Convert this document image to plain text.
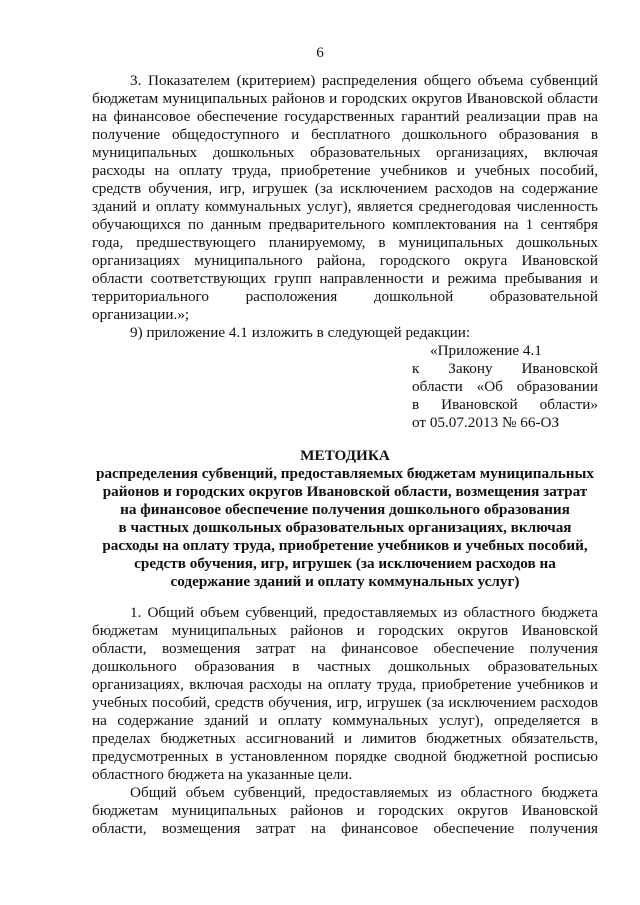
6
3. Показателем (критерием) распределения общего объема субвенций
бюджетам муниципальных районов и городских округов Ивановской области
на финансовое обеспечение государственных гарантий реализации прав на
получение общедоступного и бесплатного дошкольного образования в
муниципальных дошкольных образовательных организациях, включая
расходы на оплату труда, приобретение учебников и учебных пособий,
средств обучения, игр, игрушек (за исключением расходов на содержание
зданий и оплату коммунальных услуг), является среднегодовая численность
обучающихся по данным предварительного комплектования на 1 сентября
года, предшествующего планируемому, в муниципальных дошкольных
организациях муниципального района, городского округа Ивановской
области соответствующих групп направленности и режима пребывания и
территориального расположения дошкольной образовательной
организации.»;
9) приложение 4.1 изложить в следующей редакции:
«Приложение 4.1
к Закону Ивановской
области «Об образовании
в Ивановской области»
от 05.07.2013 № 66-ОЗ
МЕТОДИКА
распределения субвенций, предоставляемых бюджетам муниципальных
районов и городских округов Ивановской области, возмещения затрат
на финансовое обеспечение получения дошкольного образования
в частных дошкольных образовательных организациях, включая
расходы на оплату труда, приобретение учебников и учебных пособий,
средств обучения, игр, игрушек (за исключением расходов на
содержание зданий и оплату коммунальных услуг)
1. Общий объем субвенций, предоставляемых из областного бюджета
бюджетам муниципальных районов и городских округов Ивановской
области, возмещения затрат на финансовое обеспечение получения
дошкольного образования в частных дошкольных образовательных
организациях, включая расходы на оплату труда, приобретение учебников и
учебных пособий, средств обучения, игр, игрушек (за исключением расходов
на содержание зданий и оплату коммунальных услуг), определяется в
пределах бюджетных ассигнований и лимитов бюджетных обязательств,
предусмотренных в установленном порядке сводной бюджетной росписью
областного бюджета на указанные цели.
Общий объем субвенций, предоставляемых из областного бюджета
бюджетам муниципальных районов и городских округов Ивановской
области, возмещения затрат на финансовое обеспечение получения
